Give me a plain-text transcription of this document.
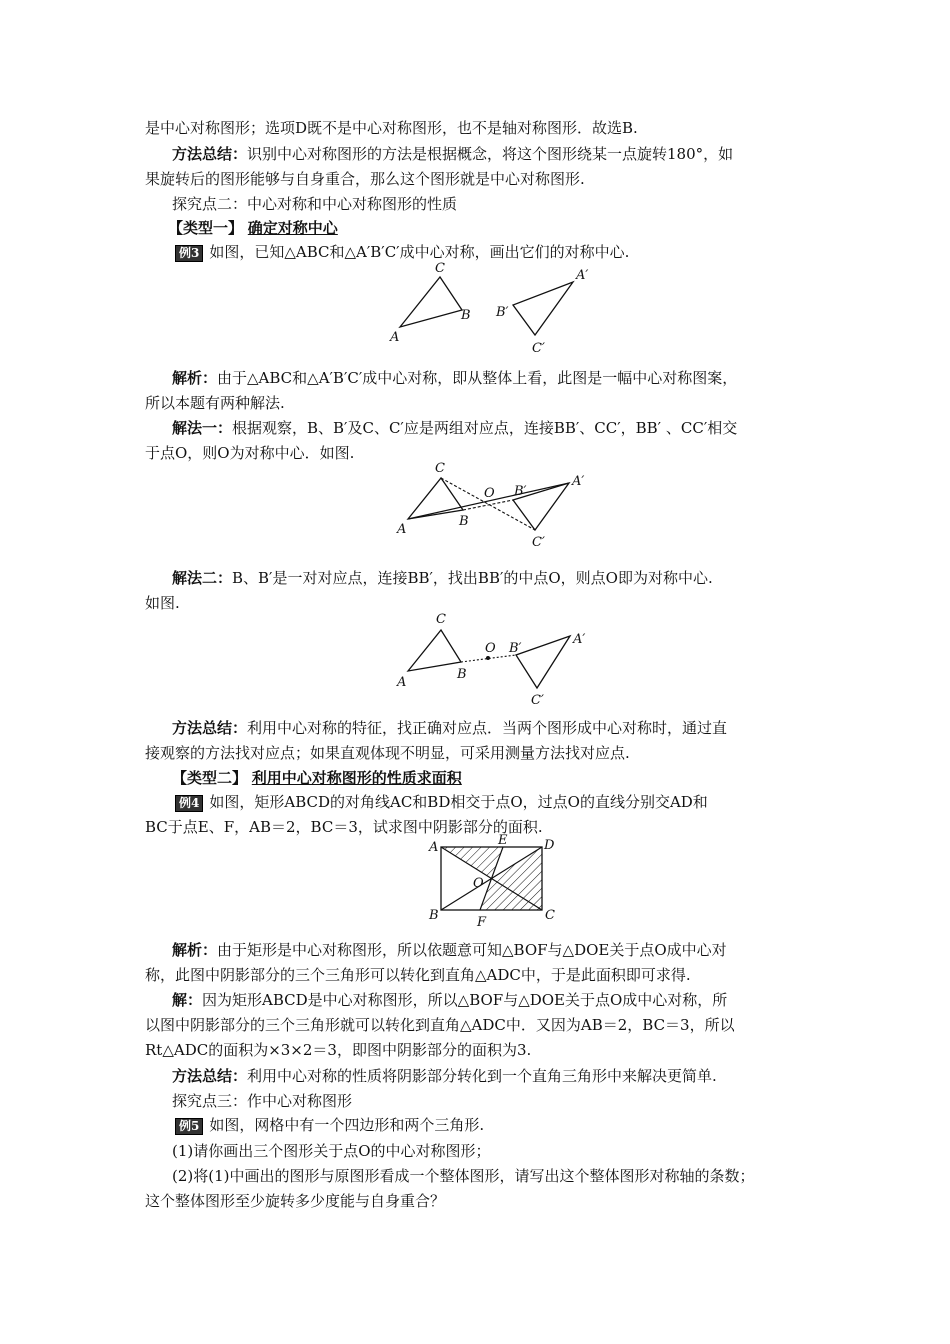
是中心对称图形；选项D既不是中心对称图形，也不是轴对称图形．故选B.
方法总结：识别中心对称图形的方法是根据概念，将这个图形绕某一点旋转180°，如
果旋转后的图形能够与自身重合，那么这个图形就是中心对称图形.
探究点二：中心对称和中心对称图形的性质
【类型一】 确定对称中心
例3 如图，已知△ABC和△A′B′C′成中心对称，画出它们的对称中心.
A
C
B
A′
B′
C′
解析：由于△ABC和△A′B′C′成中心对称，即从整体上看，此图是一幅中心对称图案，
所以本题有两种解法.
解法一：根据观察，B、B′及C、C′应是两组对应点，连接BB′、CC′，BB′ 、CC′相交
于点O，则O为对称中心．如图.
A
C
B
O B′
A′
C′
解法二：B、B′是一对对应点，连接BB′，找出BB′的中点O，则点O即为对称中心.
如图.
A
C
B
O B′
A′
C′
方法总结：利用中心对称的特征，找正确对应点．当两个图形成中心对称时，通过直
接观察的方法找对应点；如果直观体现不明显，可采用测量方法找对应点.
【类型二】 利用中心对称图形的性质求面积
例4 如图，矩形ABCD的对角线AC和BD相交于点O，过点O的直线分别交AD和
BC于点E、F，AB＝2，BC＝3，试求图中阴影部分的面积.
A	D
B	C
E
F
O
解析：由于矩形是中心对称图形，所以依题意可知△BOF与△DOE关于点O成中心对
称，此图中阴影部分的三个三角形可以转化到直角△ADC中，于是此面积即可求得.
解：因为矩形ABCD是中心对称图形，所以△BOF与△DOE关于点O成中心对称，所
以图中阴影部分的三个三角形就可以转化到直角△ADC中．又因为AB＝2，BC＝3，所以
Rt△ADC的面积为×3×2＝3，即图中阴影部分的面积为3.
方法总结：利用中心对称的性质将阴影部分转化到一个直角三角形中来解决更简单.
探究点三：作中心对称图形
例5 如图，网格中有一个四边形和两个三角形.
(1)请你画出三个图形关于点O的中心对称图形；
(2)将(1)中画出的图形与原图形看成一个整体图形，请写出这个整体图形对称轴的条数；
这个整体图形至少旋转多少度能与自身重合？
